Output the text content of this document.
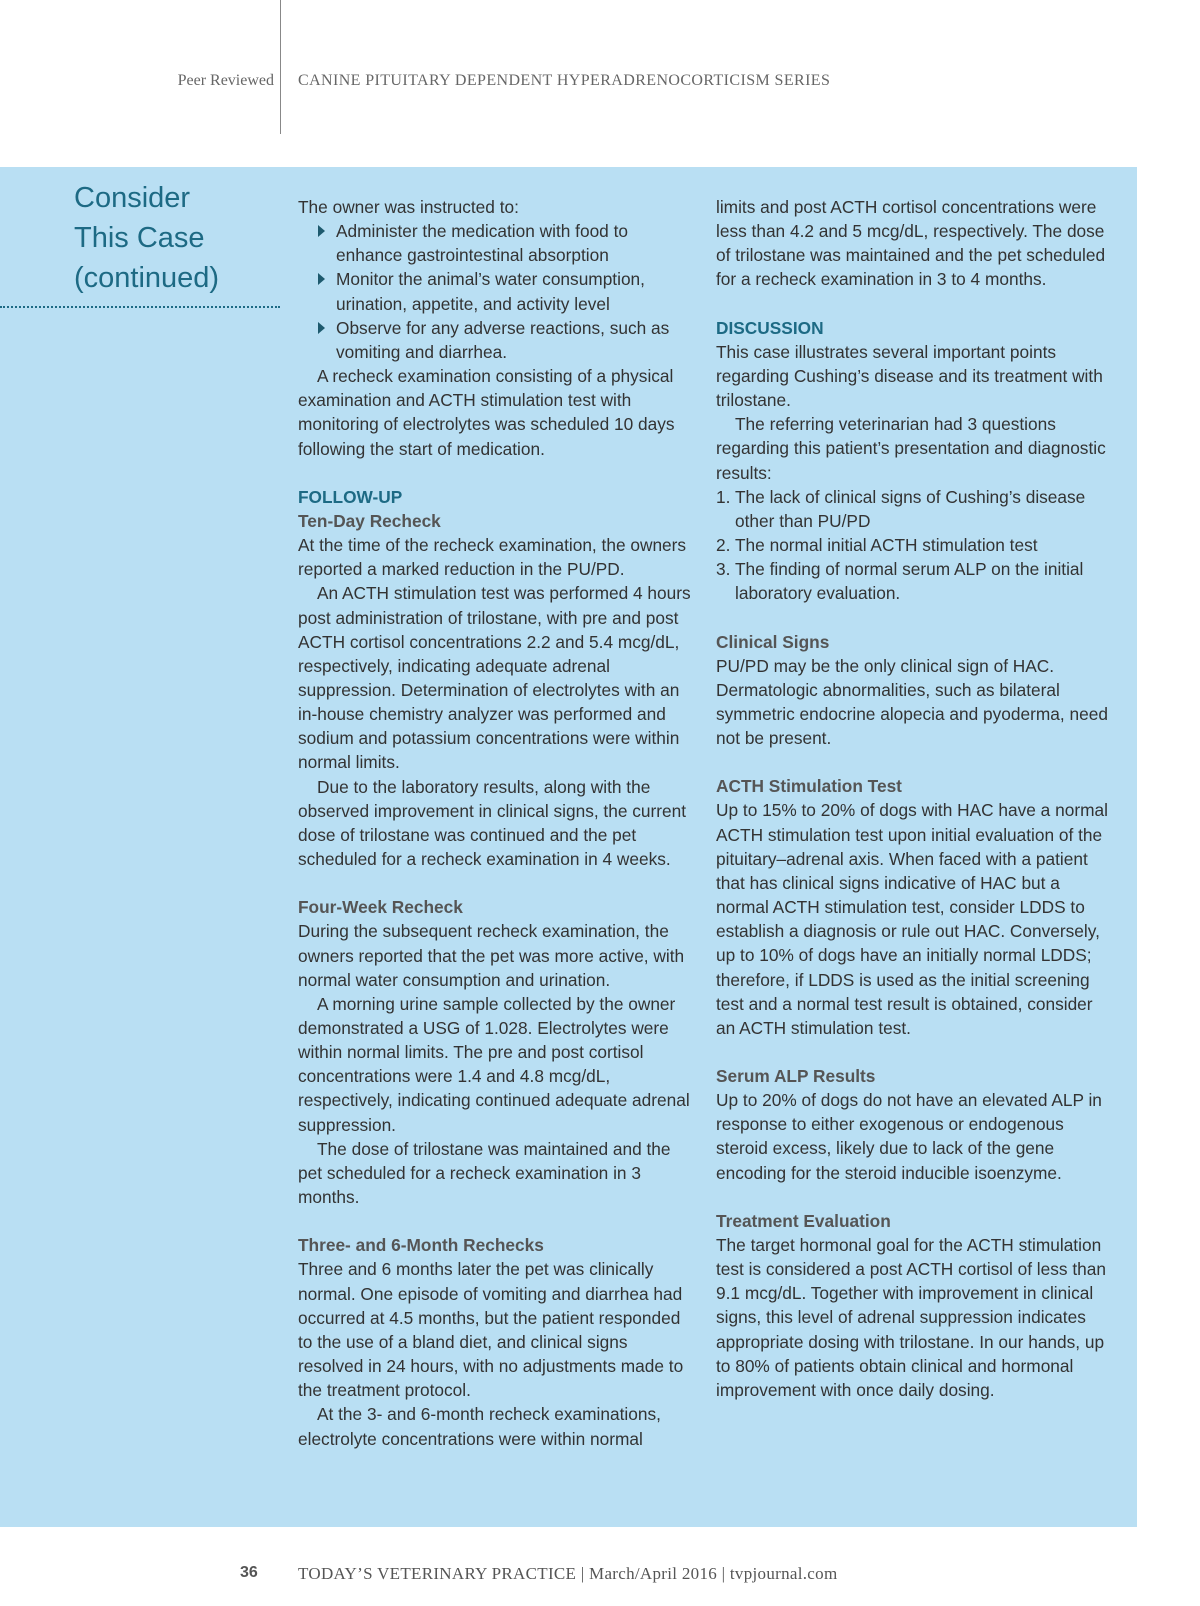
Peer Reviewed CANINE PITUITARY DEPENDENT HYPERADRENOCORTICISM SERIES
Consider
This Case
(continued)

The owner was instructed to:

Administer the medication with food to enhance gastrointestinal absorption
Monitor the animal’s water consumption, urination, appetite, and activity level
Observe for any adverse reactions, such as vomiting and diarrhea.

A recheck examination consisting of a physical examination and ACTH stimulation test with monitoring of electrolytes was scheduled 10 days following the start of medication.

FOLLOW-UP

Ten-Day Recheck

At the time of the recheck examination, the owners reported a marked reduction in the PU/PD.

An ACTH stimulation test was performed 4 hours post administration of trilostane, with pre and post ACTH cortisol concentrations 2.2 and 5.4 mcg/dL, respectively, indicating adequate adrenal suppression. Determination of electrolytes with an in-house chemistry analyzer was performed and sodium and potassium concentrations were within normal limits.

Due to the laboratory results, along with the observed improvement in clinical signs, the current dose of trilostane was continued and the pet scheduled for a recheck examination in 4 weeks.

Four-Week Recheck

During the subsequent recheck examination, the owners reported that the pet was more active, with normal water consumption and urination.

A morning urine sample collected by the owner demonstrated a USG of 1.028. Electrolytes were within normal limits. The pre and post cortisol concentrations were 1.4 and 4.8 mcg/dL, respectively, indicating continued adequate adrenal suppression.

The dose of trilostane was maintained and the pet scheduled for a recheck examination in 3 months.

Three- and 6-Month Rechecks

Three and 6 months later the pet was clinically normal. One episode of vomiting and diarrhea had occurred at 4.5 months, but the patient responded to the use of a bland diet, and clinical signs resolved in 24 hours, with no adjustments made to the treatment protocol.

At the 3- and 6-month recheck examinations, electrolyte concentrations were within normal

limits and post ACTH cortisol concentrations were less than 4.2 and 5 mcg/dL, respectively. The dose of trilostane was maintained and the pet scheduled for a recheck examination in 3 to 4 months.

DISCUSSION

This case illustrates several important points regarding Cushing’s disease and its treatment with trilostane.

The referring veterinarian had 3 questions regarding this patient’s presentation and diagnostic results:

1. The lack of clinical signs of Cushing’s disease other than PU/PD
2. The normal initial ACTH stimulation test
3. The finding of normal serum ALP on the initial laboratory evaluation.

Clinical Signs

PU/PD may be the only clinical sign of HAC. Dermatologic abnormalities, such as bilateral symmetric endocrine alopecia and pyoderma, need not be present.

ACTH Stimulation Test

Up to 15% to 20% of dogs with HAC have a normal ACTH stimulation test upon initial evaluation of the pituitary–adrenal axis. When faced with a patient that has clinical signs indicative of HAC but a normal ACTH stimulation test, consider LDDS to establish a diagnosis or rule out HAC. Conversely, up to 10% of dogs have an initially normal LDDS; therefore, if LDDS is used as the initial screening test and a normal test result is obtained, consider an ACTH stimulation test.

Serum ALP Results

Up to 20% of dogs do not have an elevated ALP in response to either exogenous or endogenous steroid excess, likely due to lack of the gene encoding for the steroid inducible isoenzyme.

Treatment Evaluation

The target hormonal goal for the ACTH stimulation test is considered a post ACTH cortisol of less than 9.1 mcg/dL. Together with improvement in clinical signs, this level of adrenal suppression indicates appropriate dosing with trilostane. In our hands, up to 80% of patients obtain clinical and hormonal improvement with once daily dosing.

36 TODAY’S VETERINARY PRACTICE | March/April 2016 | tvpjournal.com
